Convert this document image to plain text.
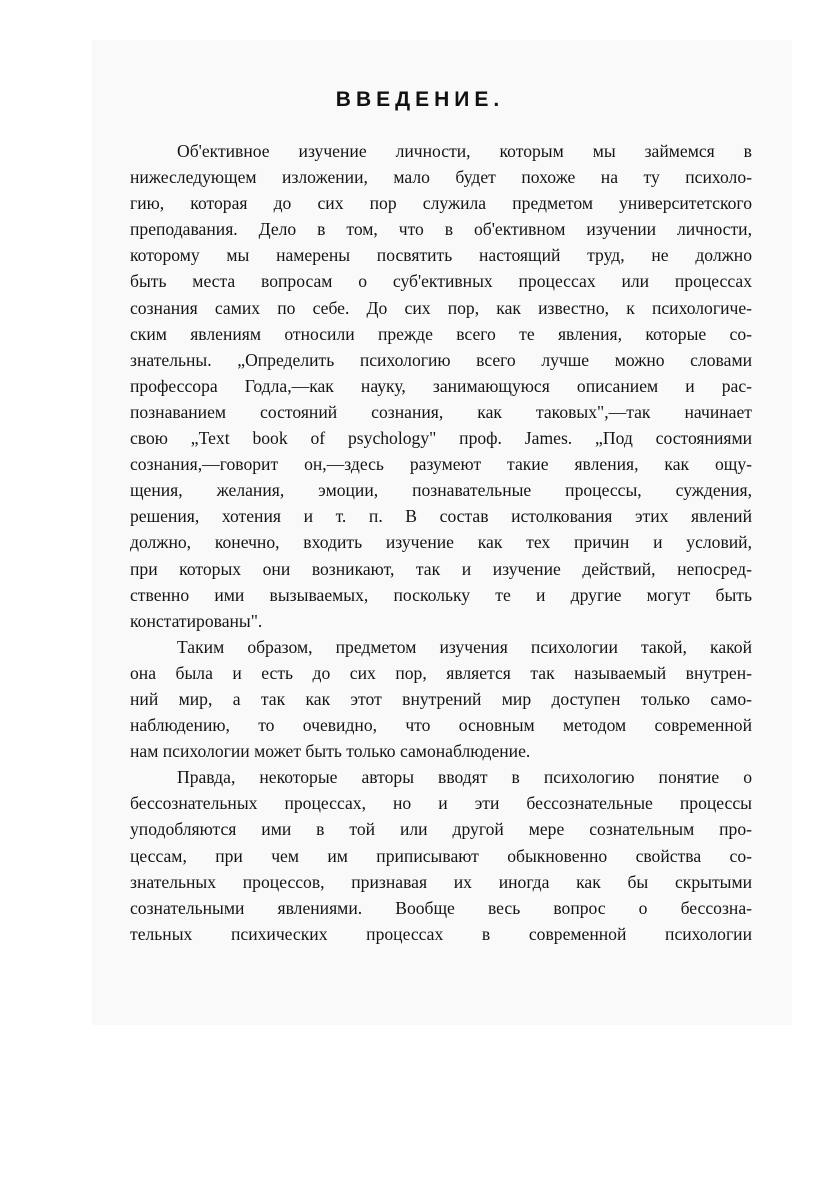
ВВЕДЕНИЕ.
Об'ективное изучение личности, которым мы займемся в
нижеследующем изложении, мало будет похоже на ту психоло-
гию, которая до сих пор служила предметом университетского
преподавания. Дело в том, что в об'ективном изучении личности,
которому мы намерены посвятить настоящий труд, не должно
быть места вопросам о суб'ективных процессах или процессах
сознания самих по себе. До сих пор, как известно, к психологиче-
ским явлениям относили прежде всего те явления, которые со-
знательны. „Определить психологию всего лучше можно словами
профессора Годла,—как науку, занимающуюся описанием и рас-
познаванием состояний сознания, как таковых",—так начинает
свою „Text book of psychology" проф. James. „Под состояниями
сознания,—говорит он,—здесь разумеют такие явления, как ощу-
щения, желания, эмоции, познавательные процессы, суждения,
решения, хотения и т. п. В состав истолкования этих явлений
должно, конечно, входить изучение как тех причин и условий,
при которых они возникают, так и изучение действий, непосред-
ственно ими вызываемых, поскольку те и другие могут быть
констатированы".
Таким образом, предметом изучения психологии такой, какой
она была и есть до сих пор, является так называемый внутрен-
ний мир, а так как этот внутрений мир доступен только само-
наблюдению, то очевидно, что основным методом современной
нам психологии может быть только самонаблюдение.
Правда, некоторые авторы вводят в психологию понятие о
бессознательных процессах, но и эти бессознательные процессы
уподобляются ими в той или другой мере сознательным про-
цессам, при чем им приписывают обыкновенно свойства со-
знательных процессов, признавая их иногда как бы скрытыми
сознательными явлениями. Вообще весь вопрос о бессозна-
тельных психических процессах в современной психологии
